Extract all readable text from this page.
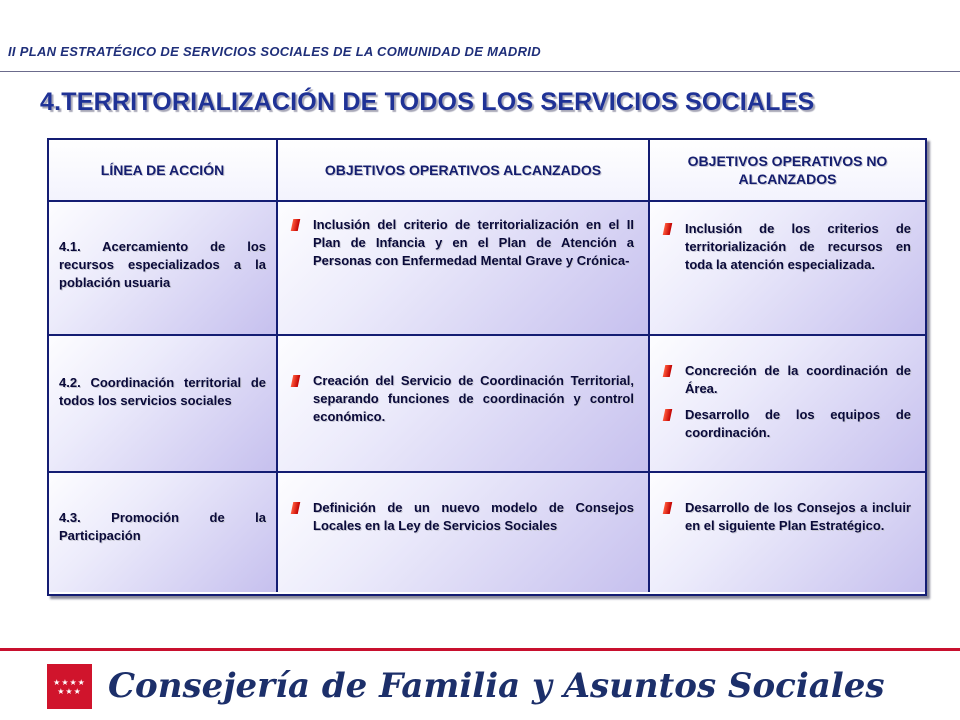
II PLAN ESTRATÉGICO DE SERVICIOS SOCIALES DE LA COMUNIDAD DE MADRID
4.TERRITORIALIZACIÓN DE TODOS LOS SERVICIOS SOCIALES
LÍNEA DE ACCIÓN	OBJETIVOS OPERATIVOS ALCANZADOS
OBJETIVOS OPERATIVOS NO ALCANZADOS
4.1. Acercamiento de los recursos especializados a la población usuaria
Inclusión del criterio de territorialización en el II Plan de Infancia y en el Plan de Atención a Personas con Enfermedad Mental Grave y Crónica-
Inclusión de los criterios de territorialización de recursos en toda la atención especializada.
4.2. Coordinación territorial de todos los servicios sociales
Creación del Servicio de Coordinación Territorial, separando funciones de coordinación y control económico.
Concreción de la coordinación de Área.
Desarrollo de los equipos de coordinación.
4.3. Promoción de la Participación
Definición de un nuevo modelo de Consejos Locales en la Ley de Servicios Sociales
Desarrollo de los Consejos a incluir en el siguiente Plan Estratégico.
★★★★
★★★ Consejería de Familia y Asuntos Sociales
